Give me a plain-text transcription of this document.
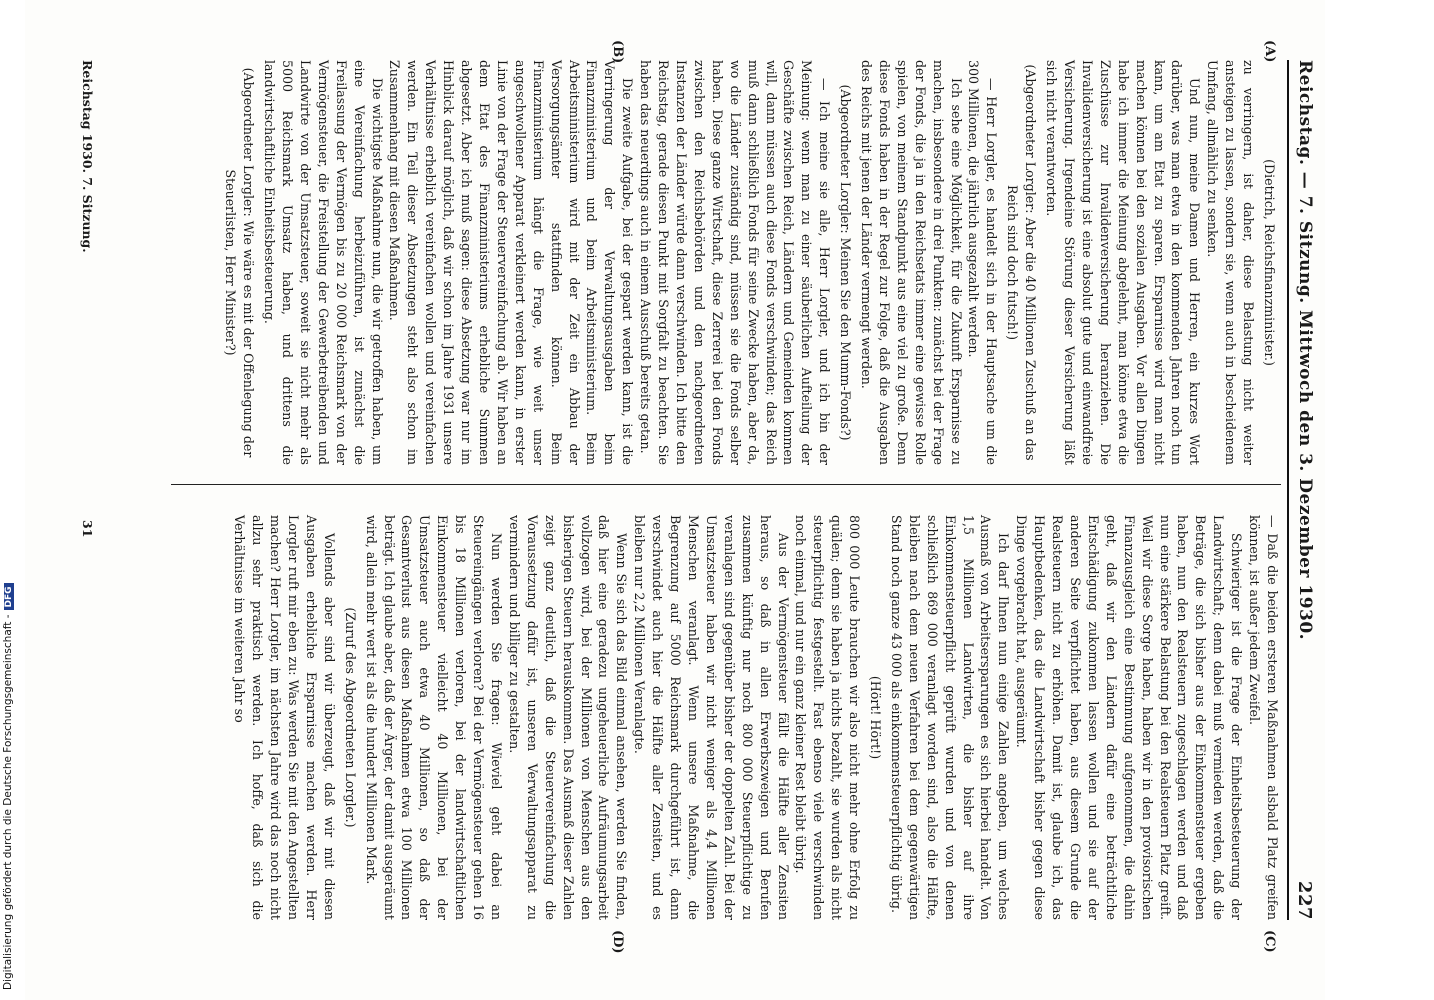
Digitalisierung gefördert durch die Deutsche Forschungsgemeinschaft -DFG	Reichstag. — 7. Sitzung. Mittwoch den 3. Dezember 1930.
227
(A)
(B)
(C)
(D)

(Dietrich, Reichsfinanzminister.)

zu verringern, ist daher, diese Belastung nicht weiter ansteigen zu lassen, sondern sie, wenn auch in bescheidenem Umfang, allmählich zu senken.

Und nun, meine Damen und Herren, ein kurzes Wort darüber, was man etwa in den kommenden Jahren noch tun kann, um am Etat zu sparen. Ersparnisse wird man nicht machen können bei den sozialen Ausgaben. Vor allen Dingen habe ich immer die Meinung abgelehnt, man könne etwa die Zuschüsse zur Invalidenversicherung heranziehen. Die Invalidenversicherung ist eine absolut gute und einwandfreie Versicherung. Irgendeine Störung dieser Versicherung läßt sich nicht verantworten.

(Abgeordneter Lorgler: Aber die 40 Millionen Zuschuß an das Reich sind doch futsch!)

— Herr Lorgler, es handelt sich in der Hauptsache um die 300 Millionen, die jährlich ausgezahlt werden.

Ich sehe eine Möglichkeit, für die Zukunft Ersparnisse zu machen, insbesondere in drei Punkten: zunächst bei der Frage der Fonds, die ja in den Reichsetats immer eine gewisse Rolle spielen, von meinem Standpunkt aus eine viel zu große. Denn diese Fonds haben in der Regel zur Folge, daß die Ausgaben des Reichs mit jenen der Länder vermengt werden.

(Abgeordneter Lorgler: Meinen Sie den Mumm-Fonds?)

— Ich meine sie alle, Herr Lorgler, und ich bin der Meinung: wenn man zu einer säuberlichen Aufteilung der Geschäfte zwischen Reich, Ländern und Gemeinden kommen will, dann müssen auch diese Fonds verschwinden; das Reich muß dann schließlich Fonds für seine Zwecke haben, aber da, wo die Länder zuständig sind, müssen sie die Fonds selber haben. Diese ganze Wirtschaft, diese Zerrerei bei den Fonds zwischen den Reichsbehörden und den nachgeordneten Instanzen der Länder würde dann verschwinden. Ich bitte den Reichstag, gerade diesen Punkt mit Sorgfalt zu beachten. Sie haben das neuerdings auch in einem Ausschuß bereits getan.

Die zweite Aufgabe, bei der gespart werden kann, ist die Verringerung der Verwaltungsausgaben beim Finanzministerium und beim Arbeitsministerium. Beim Arbeitsministerium wird mit der Zeit ein Abbau der Versorgungsämter stattfinden können. Beim Finanzministerium hängt die Frage, wie weit unser angeschwollener Apparat verkleinert werden kann, in erster Linie von der Frage der Steuervereinfachung ab. Wir haben an dem Etat des Finanzministeriums erhebliche Summen abgesetzt. Aber ich muß sagen: diese Absetzung war nur im Hinblick darauf möglich, daß wir schon im Jahre 1931 unsere Verhältnisse erheblich vereinfachen wollen und vereinfachen werden. Ein Teil dieser Absetzungen steht also schon im Zusammenhang mit diesen Maßnahmen.

Die wichtigste Maßnahme nun, die wir getroffen haben, um eine Vereinfachung herbeizuführen, ist zunächst die Freilassung der Vermögen bis zu 20 000 Reichsmark von der Vermögensteuer, die Freistellung der Gewerbetreibenden und Landwirte von der Umsatzsteuer, soweit sie nicht mehr als 5000 Reichsmark Umsatz haben, und drittens die landwirtschaftliche Einheitsbesteuerung.

(Abgeordneter Lorgler: Wie wäre es mit der Offenlegung der Steuerlisten, Herr Minister?)

— Daß die beiden ersteren Maßnahmen alsbald Platz greifen können, ist außer jedem Zweifel.

Schwieriger ist die Frage der Einheitsbesteuerung der Landwirtschaft; denn dabei muß vermieden werden, daß die Beträge, die sich bisher aus der Einkommensteuer ergeben haben, nun den Realsteuern zugeschlagen werden und daß nun eine stärkere Belastung bei den Realsteuern Platz greift. Weil wir diese Sorge haben, haben wir in den provisorischen Finanzausgleich eine Bestimmung aufgenommen, die dahin geht, daß wir den Ländern dafür eine beträchtliche Entschädigung zukommen lassen wollen und sie auf der anderen Seite verpflichtet haben, aus diesem Grunde die Realsteuern nicht zu erhöhen. Damit ist, glaube ich, das Hauptbedenken, das die Landwirtschaft bisher gegen diese Dinge vorgebracht hat, ausgeräumt.

Ich darf Ihnen nun einige Zahlen angeben, um welches Ausmaß von Arbeitsersparungen es sich hierbei handelt. Von 1,5 Millionen Landwirten, die bisher auf ihre Einkommensteuerpflicht geprüft wurden und von denen schließlich 869 000 veranlagt worden sind, also die Hälfte, bleiben nach dem neuen Verfahren bei dem gegenwärtigen Stand noch ganze 43 000 als einkommensteuerpflichtig übrig.

(Hört! Hört!)

800 000 Leute brauchen wir also nicht mehr ohne Erfolg zu quälen; denn sie haben ja nichts bezahlt, sie wurden als nicht steuerpflichtig festgestellt. Fast ebenso viele verschwinden noch einmal, und nur ein ganz kleiner Rest bleibt übrig.

Aus der Vermögensteuer fällt die Hälfte aller Zensiten heraus, so daß in allen Erwerbszweigen und Berufen zusammen künftig nur noch 800 000 Steuerpflichtige zu veranlagen sind gegenüber bisher der doppelten Zahl. Bei der Umsatzsteuer haben wir nicht weniger als 4,4 Millionen Menschen veranlagt. Wenn unsere Maßnahme, die Begrenzung auf 5000 Reichsmark durchgeführt ist, dann verschwindet auch hier die Hälfte aller Zensiten, und es bleiben nur 2,2 Millionen Veranlagte.

Wenn Sie sich das Bild einmal ansehen, werden Sie finden, daß hier eine geradezu ungeheuerliche Aufräumungsarbeit vollzogen wird, bei der Millionen von Menschen aus den bisherigen Steuern herauskommen. Das Ausmaß dieser Zahlen zeigt ganz deutlich, daß die Steuervereinfachung die Voraussetzung dafür ist, unseren Verwaltungsapparat zu vermindern und billiger zu gestalten.

Nun werden Sie fragen: Wieviel geht dabei an Steuereingängen verloren? Bei der Vermögensteuer gehen 16 bis 18 Millionen verloren, bei der landwirtschaftlichen Einkommensteuer vielleicht 40 Millionen, bei der Umsatzsteuer auch etwa 40 Millionen, so daß der Gesamtverlust aus diesen Maßnahmen etwa 100 Millionen beträgt. Ich glaube aber, daß der Ärger, der damit ausgeräumt wird, allein mehr wert ist als die hundert Millionen Mark.

(Zuruf des Abgeordneten Lorgler.)

Vollends aber sind wir überzeugt, daß wir mit diesen Ausgaben erhebliche Ersparnisse machen werden. Herr Lorgler ruft mir eben zu: Was werden Sie mit den Angestellten machen? Herr Lorgler, im nächsten Jahre wird das noch nicht allzu sehr praktisch werden. Ich hoffe, daß sich die Verhältnisse im weiteren Jahr so

Reichstag 1930. 7. Sitzung.
31
